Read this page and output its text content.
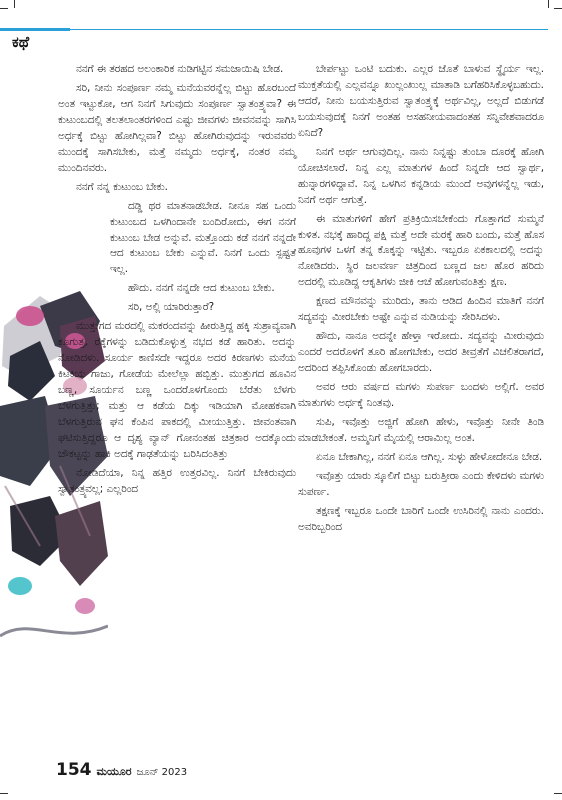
ಕಥೆ

ನನಗೆ ಈ ತರಹದ ಅಲಂಕಾರಿಕ ನುಡಿಗಟ್ಟಿನ ಸಮಜಾಯಿಷಿ ಬೇಡ.

ಸರಿ, ನೀನು ಸಂಪೂರ್ಣ ನಮ್ಮ ಮನೆಯವರನ್ನೆಲ್ಲ ಬಿಟ್ಟು ಹೊರಬಂದೆ ಅಂತ ಇಟ್ಟುಕೋ, ಆಗ ನಿನಗೆ ಸಿಗುವುದು ಸಂಪೂರ್ಣ ಸ್ವಾತಂತ್ರ್ಯವಾ? ಈ ಕುಟುಂಬದಲ್ಲಿ ತಲತಲಾಂತರಗಳಿಂದ ಎಷ್ಟು ಜೀವಗಳು ಜೀವನವನ್ನು ಸಾಗಿಸಿ ಅರ್ಧಕ್ಕೆ ಬಿಟ್ಟು ಹೋಗಿಲ್ಲವಾ? ಬಿಟ್ಟು ಹೋಗಿರುವುದನ್ನು ಇರುವವರು ಮುಂದಕ್ಕೆ ಸಾಗಿಸಬೇಕು, ಮತ್ತೆ ನಮ್ಮದು ಅರ್ಧಕ್ಕೆ, ನಂತರ ನಮ್ಮ ಮುಂದಿನವರು.

ನನಗೆ ನನ್ನ ಕುಟುಂಬ ಬೇಕು.

ದಡ್ಡಿ ಥರ ಮಾತನಾಡಬೇಡ. ನೀನೂ ಸಹ ಒಂದು ಕುಟುಂಬದ ಒಳಗಿಂದಾನೇ ಬಂದಿರೋದು, ಈಗ ನನಗೆ ಕುಟುಂಬ ಬೇಡ ಅನ್ನುವೆ. ಮತ್ತೊಂದು ಕಡೆ ನನಗೆ ನನ್ನದೇ ಆದ ಕುಟುಂಬ ಬೇಕು ಎನ್ನುವೆ. ನಿನಗೆ ಒಂದು ಸ್ಪಷ್ಟತೆ ಇಲ್ಲ.

ಹೌದು. ನನಗೆ ನನ್ನದೇ ಆದ ಕುಟುಂಬ ಬೇಕು.

ಸರಿ, ಅಲ್ಲಿ ಯಾರಿರುತ್ತಾರೆ?

ಮುತ್ತುಗದ ಮರದಲ್ಲಿ ಮಕರಂದವನ್ನು ಹೀರುತ್ತಿದ್ದ ಹಕ್ಕಿ ಸುಶ್ರಾವ್ಯವಾಗಿ ಕೂಗುತ್ತ, ರೆಕ್ಕೆಗಳನ್ನು ಬಡಿದುಕೊಳ್ಳುತ್ತ ನಭದ ಕಡೆ ಹಾರಿತು. ಅದನ್ನು ನೋಡಿದಳು. ಸೂರ್ಯ ಕಾಣಿಸದೇ ಇದ್ದರೂ ಅದರ ಕಿರಣಗಳು ಮನೆಯ ಕಿಟಕಿಯ ಗಾಜು, ಗೋಡೆಯ ಮೇಲೆಲ್ಲಾ ಹಬ್ಬಿತ್ತು. ಮುತ್ತುಗದ ಹೂವಿನ ಬಣ್ಣ, ಸೂರ್ಯನ ಬಣ್ಣ ಒಂದರೊಳಗೊಂದು ಬೆರೆತು ಬೆಳಗು ಬೆಳಗುತ್ತಿತ್ತು; ಮತ್ತು ಆ ಕಡೆಯ ದಿಕ್ಕು ಇಡಿಯಾಗಿ ಮೋಹಕವಾಗಿ ಬೆಳಗುತ್ತಿರುವ ಘನ ಕೆಂಪಿನ ಪಾಕದಲ್ಲಿ ಮೀಯುತ್ತಿತ್ತು. ಜೀವಂತವಾಗಿ ಘಟಿಸುತ್ತಿದ್ದರೂ ಆ ದೃಶ್ಯ ವ್ಯಾನ್ ಗೋನಂತಹ ಚಿತ್ರಕಾರ ಅದಕ್ಕೊಂದು ಚೌಕಟ್ಟನ್ನು ಹಾಕಿ ಅದಕ್ಕೆ ಗಾಢತೆಯನ್ನು ಬರಿಸಿದಂತಿತ್ತು

ನೋಡಿದೆಯಾ, ನಿನ್ನ ಹತ್ತಿರ ಉತ್ತರವಿಲ್ಲ. ನಿನಗೆ ಬೇಕಿರುವುದು ಸ್ವಾತಂತ್ರ್ಯವಲ್ಲ; ಎಲ್ಲರಿಂದ

ಬೇರ್ಪಟ್ಟು ಒಂಟಿ ಬದುಕು. ಎಲ್ಲರ ಜೊತೆ ಬಾಳುವ ಸ್ಥೈರ್ಯ ಇಲ್ಲ. ಮುಕ್ತತೆಯಲ್ಲಿ ಎಲ್ಲವನ್ನೂ ಖುಲ್ಲಂಖುಲ್ಲ ಮಾತಾಡಿ ಬಗೆಹರಿಸಿಕೊಳ್ಳಬಹುದು. ಆದರೆ, ನೀನು ಬಯಸುತ್ತಿರುವ ಸ್ವಾತಂತ್ರ್ಯಕ್ಕೆ ಅರ್ಥವಿಲ್ಲ, ಅಲ್ಲದೆ ಬಿಡುಗಡೆ ಬಯಸುವುದಕ್ಕೆ ನಿನಗೆ ಅಂತಹ ಅಸಹನೀಯವಾದಂತಹ ಸನ್ನಿವೇಶವಾದರೂ ಏನಿದೆ?

ನಿನಗೆ ಅರ್ಥ ಆಗುವುದಿಲ್ಲ. ನಾನು ನಿನ್ನಷ್ಟು ತುಂಬಾ ದೂರಕ್ಕೆ ಹೋಗಿ ಯೋಚಿಸಲಾರೆ. ನಿನ್ನ ಎಲ್ಲ ಮಾತುಗಳ ಹಿಂದೆ ನಿನ್ನದೇ ಆದ ಸ್ವಾರ್ಥ, ಹುನ್ನಾರಗಳಿದ್ದಾವೆ. ನಿನ್ನ ಒಳಗಿನ ಕನ್ನಡಿಯ ಮುಂದೆ ಅವುಗಳನ್ನೆಲ್ಲ ಇಡು, ನಿನಗೆ ಅರ್ಥ ಆಗುತ್ತೆ.

ಈ ಮಾತುಗಳಿಗೆ ಹೇಗೆ ಪ್ರತಿಕ್ರಿಯಿಸಬೇಕೆಂದು ಗೊತ್ತಾಗದೆ ಸುಮ್ಮನೆ ಕುಳಿತ. ನಭಕ್ಕೆ ಹಾರಿದ್ದ ಪಕ್ಷಿ ಮತ್ತೆ ಅದೇ ಮರಕ್ಕೆ ಹಾರಿ ಬಂದು, ಮತ್ತೆ ಹೊಸ ಹೂವುಗಳ ಒಳಗೆ ತನ್ನ ಕೊಕ್ಕನ್ನು ಇಟ್ಟಿತು. ಇಬ್ಬರೂ ಏಕಕಾಲದಲ್ಲಿ ಅದನ್ನು ನೋಡಿದರು. ಸ್ಥಿರ ಜಲವರ್ಣ ಚಿತ್ರದಿಂದ ಬಣ್ಣದ ಜಲ ಹೊರ ಹರಿದು ಅದರಲ್ಲಿ ಮೂಡಿದ್ದ ಆಕೃತಿಗಳು ಜೀಕಿ ಆಚೆ ಹೋಗುವಂತಿತ್ತು ಕ್ಷಣ.

ಕ್ಷಣದ ಮೌನವನ್ನು ಮುರಿದು, ತಾನು ಆಡಿದ ಹಿಂದಿನ ಮಾತಿಗೆ ನನಗೆ ಸದ್ಯವನ್ನು ಮೀರಬೇಕು ಅಷ್ಟೇ ಎನ್ನುವ ನುಡಿಯನ್ನು ಸೇರಿಸಿದಳು.

ಹೌದು, ನಾನೂ ಅದನ್ನೇ ಹೇಳ್ತಾ ಇರೋದು. ಸದ್ಯವನ್ನು ಮೀರುವುದು ಎಂದರೆ ಅದರೊಳಗೆ ತೂರಿ ಹೋಗಬೇಕು, ಅದರ ತೀವ್ರತೆಗೆ ವಿಚಲಿತರಾಗದೆ, ಅದರಿಂದ ತಪ್ಪಿಸಿಕೊಂಡು ಹೋಗಬಾರದು.

ಅವರ ಆರು ವರ್ಷದ ಮಗಳು ಸುಪರ್ಣ ಬಂದಳು ಅಲ್ಲಿಗೆ. ಅವರ ಮಾತುಗಳು ಅರ್ಧಕ್ಕೆ ನಿಂತವು.

ಸುಪಿ, ಇವೊತ್ತು ಅಜ್ಜಿಗೆ ಹೋಗಿ ಹೇಳು, ಇವೊತ್ತು ನೀನೇ ತಿಂಡಿ ಮಾಡಬೇಕಂತೆ. ಅಮ್ಮನಿಗೆ ಮೈಯಲ್ಲಿ ಆರಾಮಿಲ್ಲ ಅಂತ.

ಏನೂ ಬೇಕಾಗಿಲ್ಲ, ನನಗೆ ಏನೂ ಆಗಿಲ್ಲ. ಸುಳ್ಳು ಹೇಳೋದೇನೂ ಬೇಡ.

ಇವೊತ್ತು ಯಾರು ಸ್ಕೂಲಿಗೆ ಬಿಟ್ಟು ಬರುತ್ತೀರಾ ಎಂದು ಕೇಳಿದಳು ಮಗಳು ಸುಪರ್ಣ.

ತಕ್ಷಣಕ್ಕೆ ಇಬ್ಬರೂ ಒಂದೇ ಬಾರಿಗೆ ಒಂದೇ ಉಸಿರಿನಲ್ಲಿ ನಾನು ಎಂದರು. ಅವರಿಬ್ಬರಿಂದ

154 ಮಯೂರ ಜೂನ್ 2023
